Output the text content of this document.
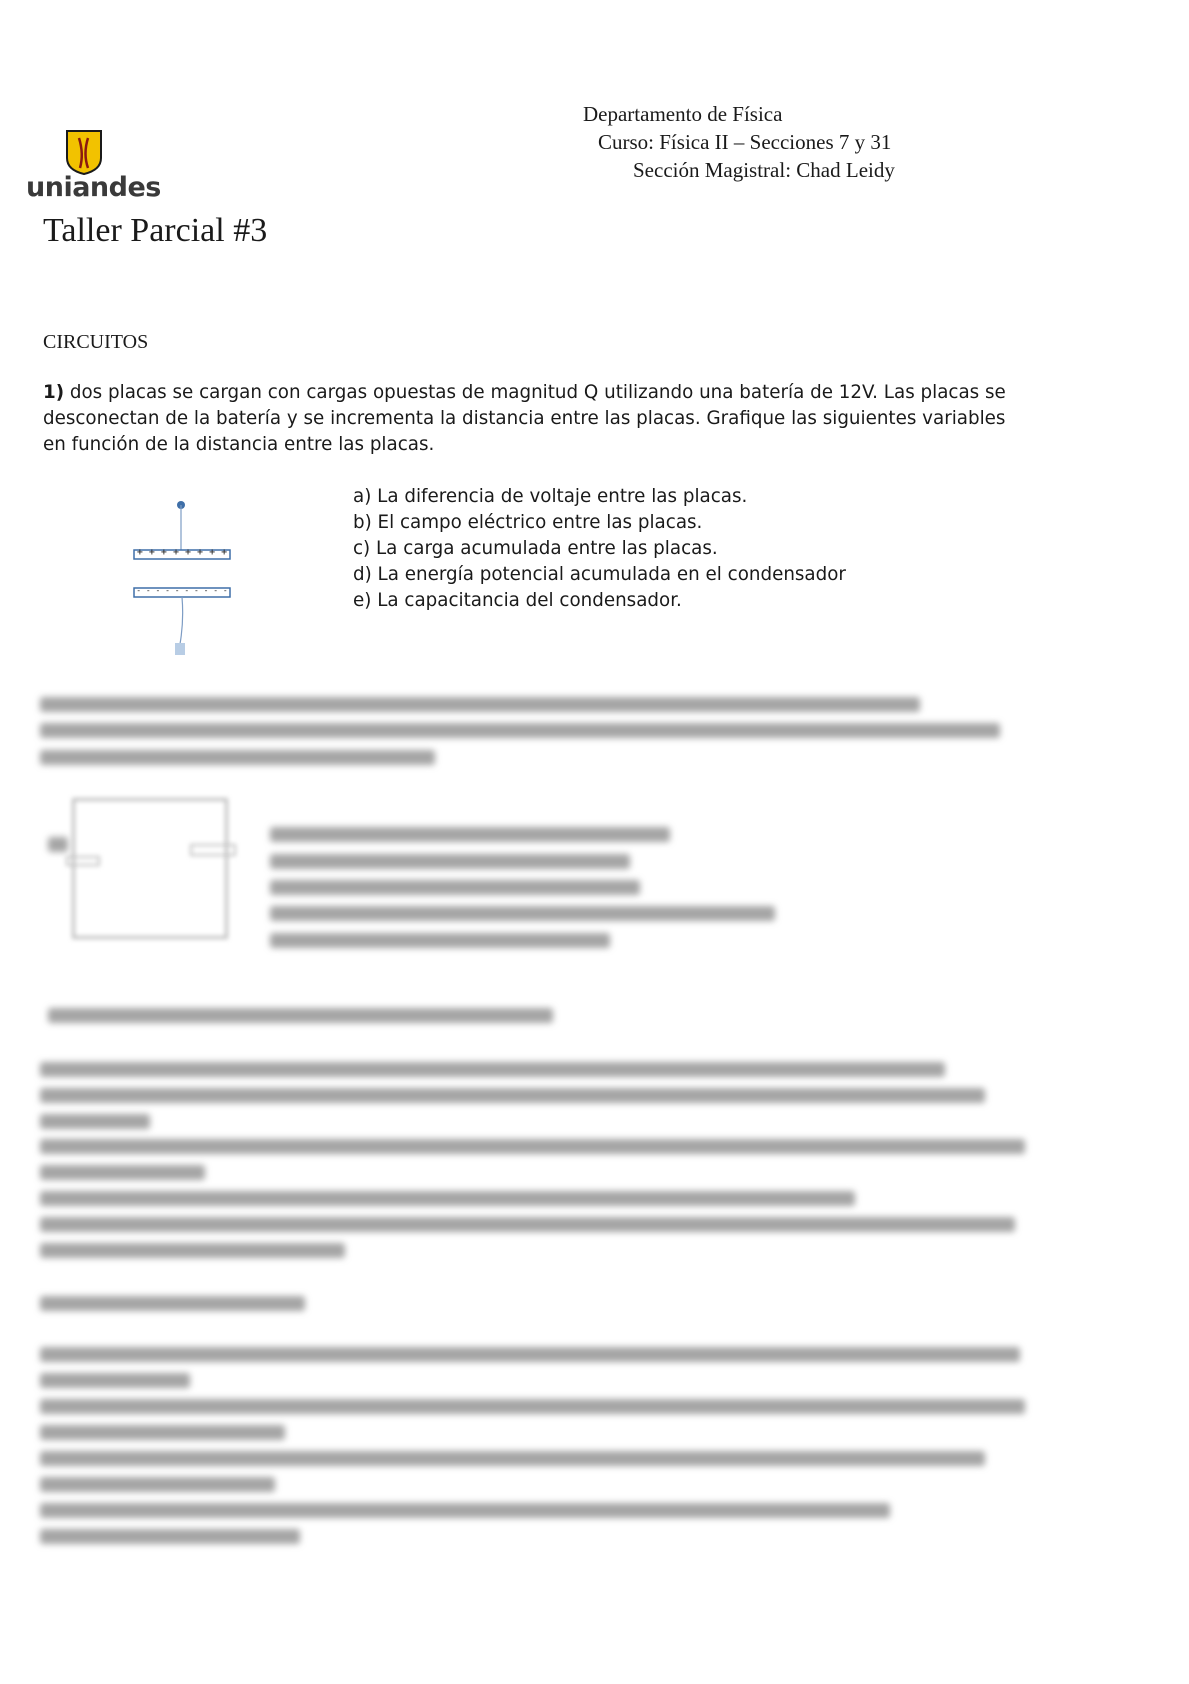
uniandes
Departamento de Física
Curso: Física II – Secciones 7 y 31
Sección Magistral: Chad Leidy
Taller Parcial #3
CIRCUITOS
1) dos placas se cargan con cargas opuestas de magnitud Q utilizando una batería de 12V. Las placas se desconectan de la batería y se incrementa la distancia entre las placas. Grafique las siguientes variables en función de la distancia entre las placas.
+ + + + + + + +
- - - - - - - - - -
a) La diferencia de voltaje entre las placas.
b) El campo eléctrico entre las placas.
c) La carga acumulada entre las placas.
d) La energía potencial acumulada en el condensador
e) La capacitancia del condensador.
